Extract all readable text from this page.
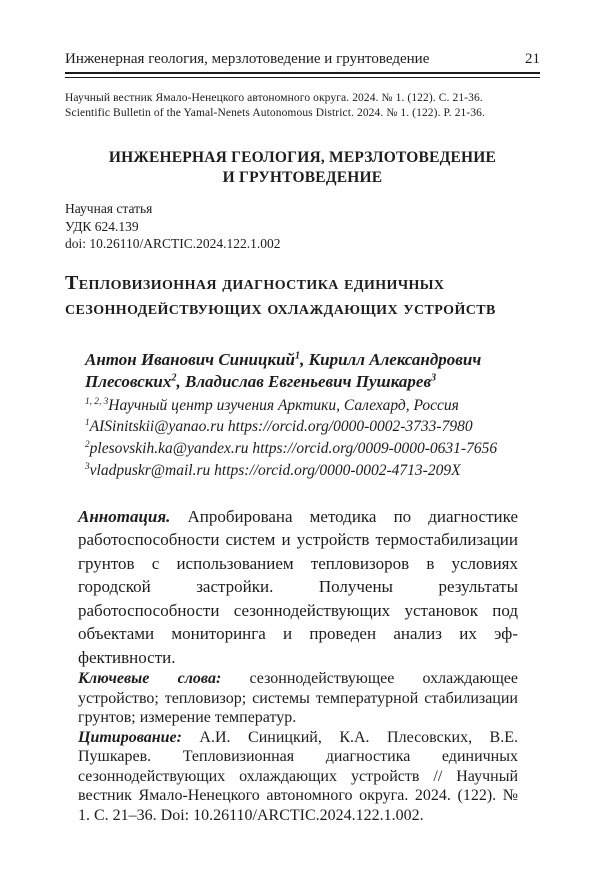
Инженерная геология, мерзлотоведение и грунтоведение	21
Научный вестник Ямало-Ненецкого автономного округа. 2024. № 1. (122). С. 21-36.
Scientific Bulletin of the Yamal-Nenets Autonomous District. 2024. № 1. (122). P. 21-36.
ИНЖЕНЕРНАЯ ГЕОЛОГИЯ, МЕРЗЛОТОВЕДЕНИЕ
И ГРУНТОВЕДЕНИЕ
Научная статья
УДК 624.139
doi: 10.26110/ARCTIC.2024.122.1.002
Тепловизионная диагностика единичных
сезоннодействующих охлаждающих устройств
Антон Иванович Синицкий$^1$, Кирилл Александрович Плесовских$^2$, Владислав Евгеньевич Пушкарев$^3$
$^{1, 2, 3}$Научный центр изучения Арктики, Салехард, Россия
$^1$AISinitskii@yanao.ru https://orcid.org/0000-0002-3733-7980
$^2$plesovskih.ka@yandex.ru https://orcid.org/0009-0000-0631-7656
$^3$vladpuskr@mail.ru https://orcid.org/0000-0002-4713-209X

Аннотация. Апробирована методика по диагностике работоспособности систем и устройств термостабилизации грунтов с использованием тепловизоров в условиях городской застройки. Получены результаты работоспособности сезоннодействующих установок под объектами мониторинга и проведен анализ их эффективности.

Ключевые слова: сезоннодействующее охлаждающее устройство; тепловизор; системы температурной стабилизации грунтов; измерение температур.

Цитирование: А.И. Синицкий, К.А. Плесовских, В.Е. Пушкарев. Тепловизионная диагностика единичных сезоннодействующих охлаждающих устройств // Научный вестник Ямало-Ненецкого автономного округа. 2024. (122). № 1. С. 21–36. Doi: 10.26110/ARCTIC.2024.122.1.002.
